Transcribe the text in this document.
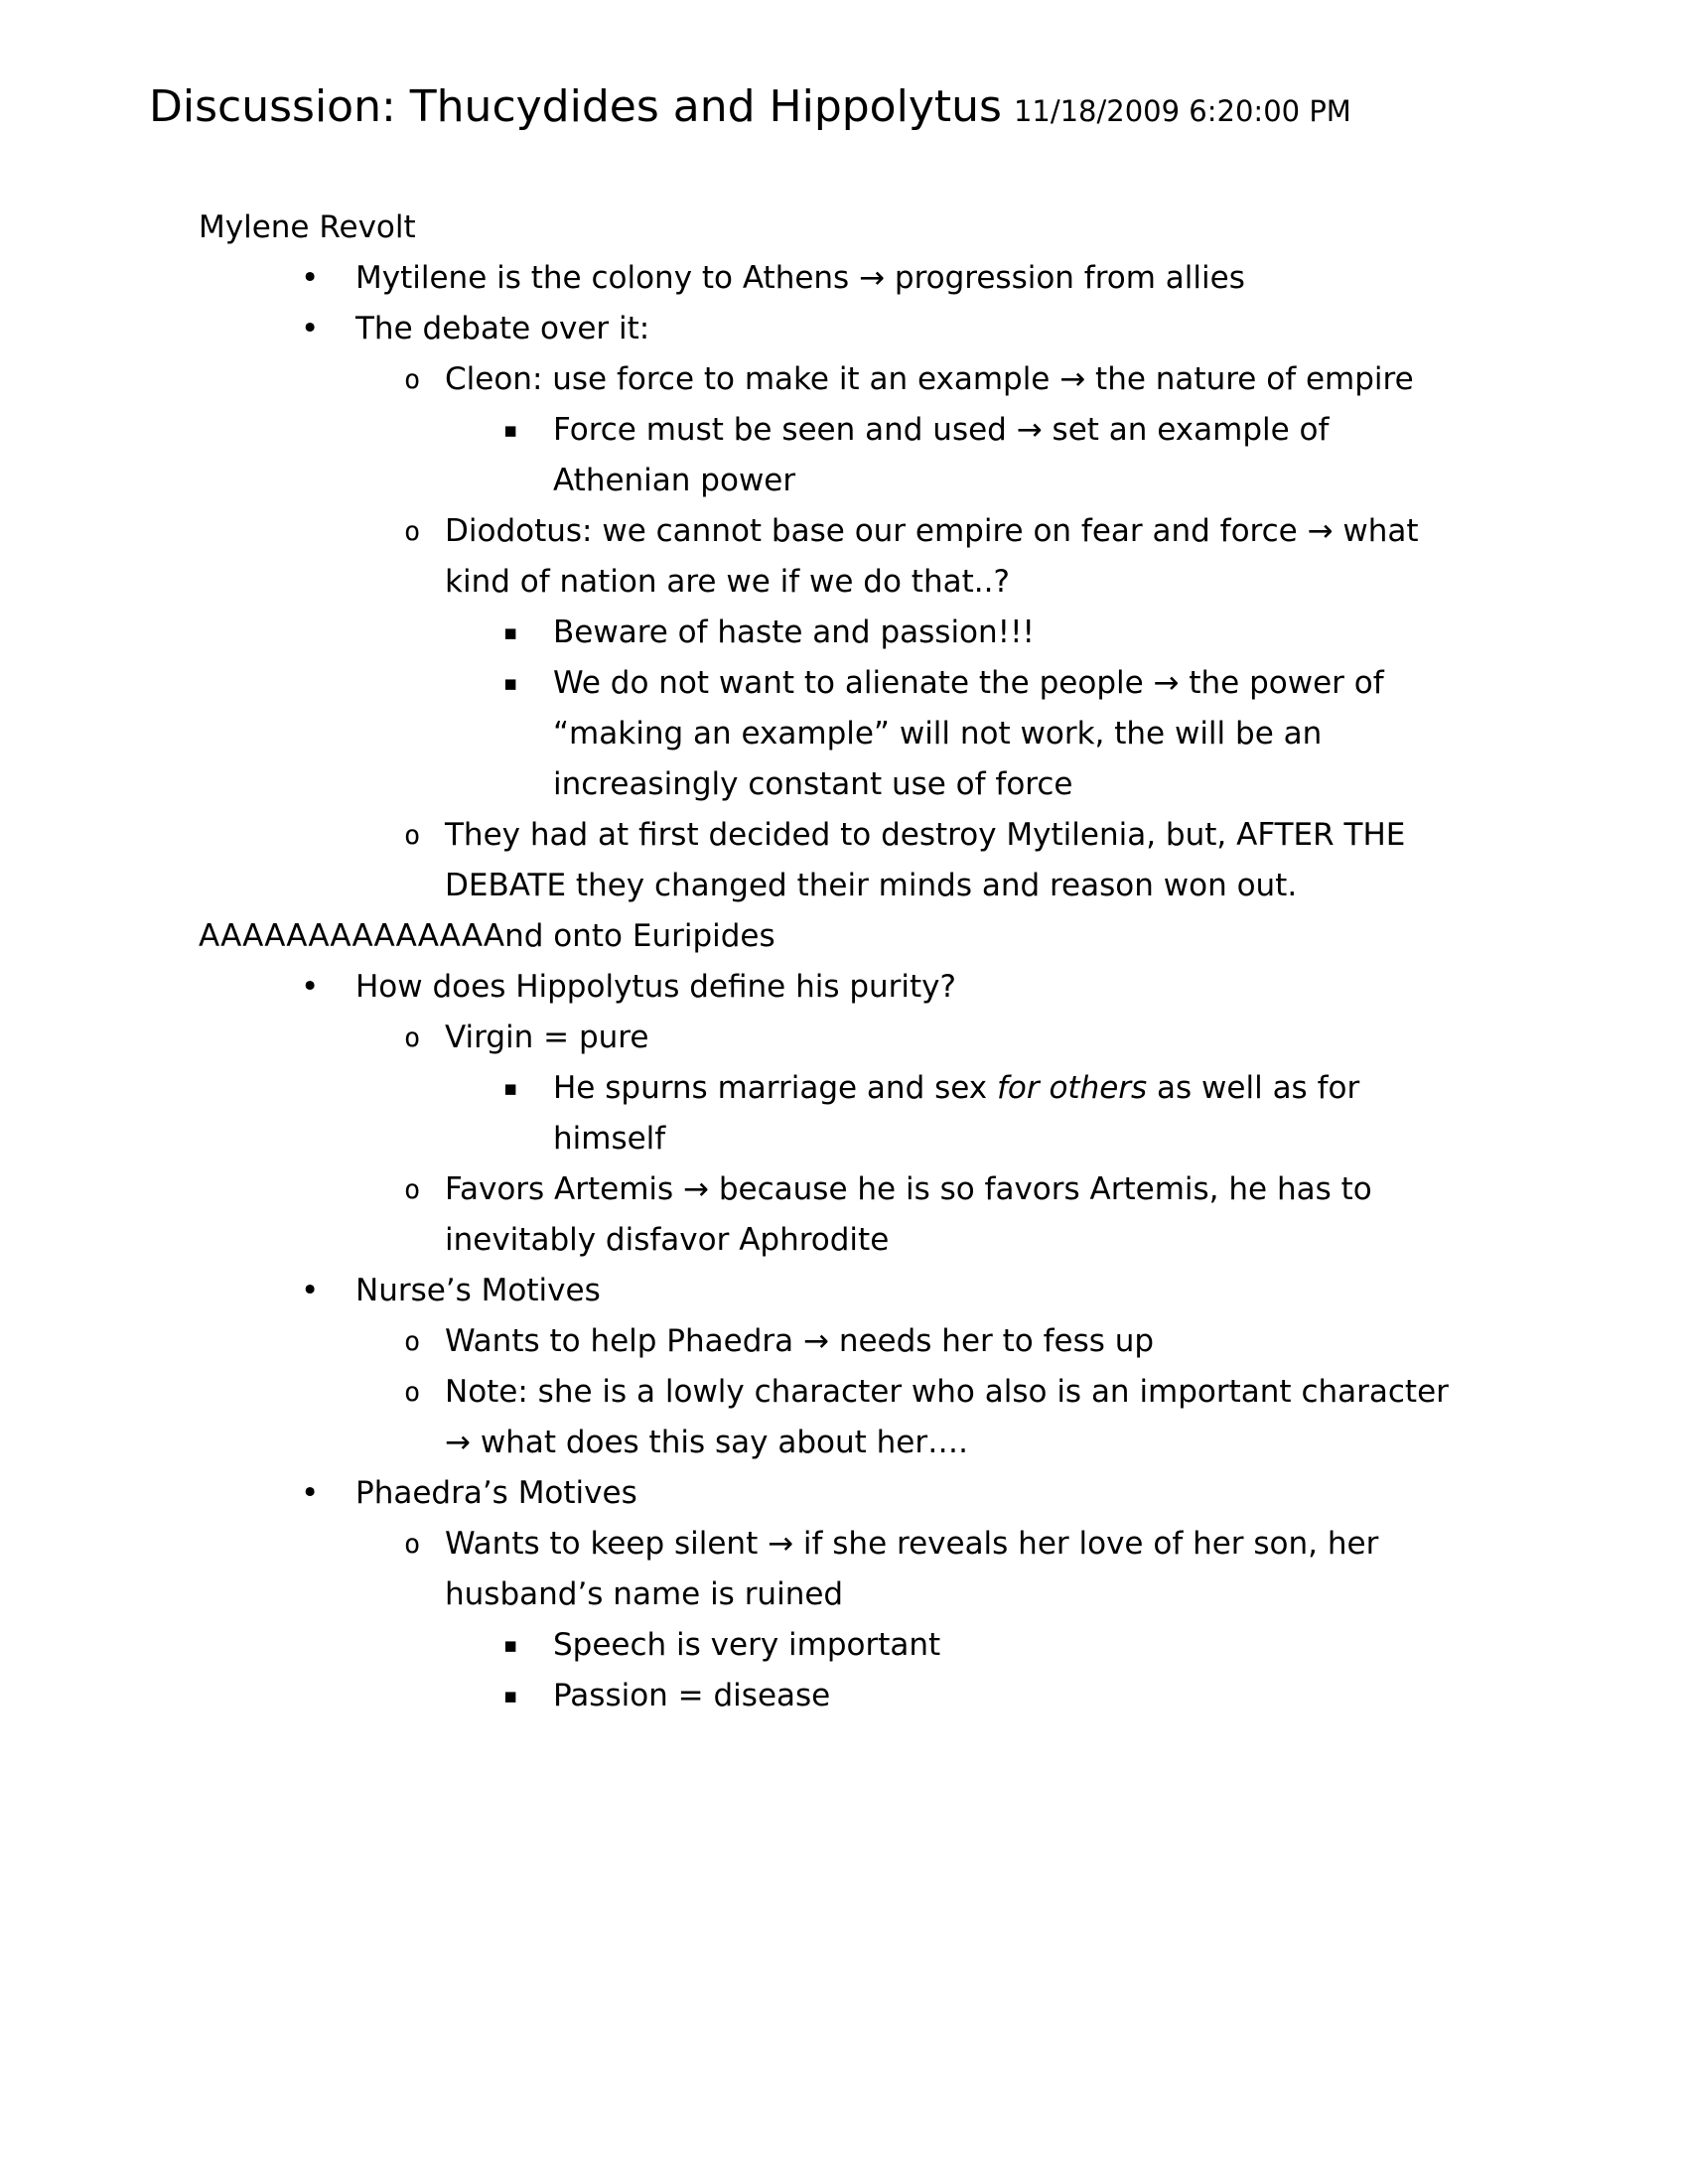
Discussion: Thucydides and Hippolytus 11/18/2009 6:20:00 PM
Mylene Revolt
• Mytilene is the colony to Athens → progression from allies
• The debate over it:
o Cleon: use force to make it an example → the nature of empire
▪ Force must be seen and used → set an example of Athenian power
o Diodotus: we cannot base our empire on fear and force → what kind of nation are we if we do that..?
▪ Beware of haste and passion!!!
▪ We do not want to alienate the people → the power of “making an example” will not work, the will be an increasingly constant use of force
o They had at first decided to destroy Mytilenia, but, AFTER THE DEBATE they changed their minds and reason won out.
AAAAAAAAAAAAAAnd onto Euripides
• How does Hippolytus define his purity?
o Virgin = pure
▪ He spurns marriage and sex for others as well as for himself
o Favors Artemis → because he is so favors Artemis, he has to inevitably disfavor Aphrodite
• Nurse’s Motives
o Wants to help Phaedra → needs her to fess up
o Note: she is a lowly character who also is an important character → what does this say about her….
• Phaedra’s Motives
o Wants to keep silent → if she reveals her love of her son, her husband’s name is ruined
▪ Speech is very important
▪ Passion = disease
